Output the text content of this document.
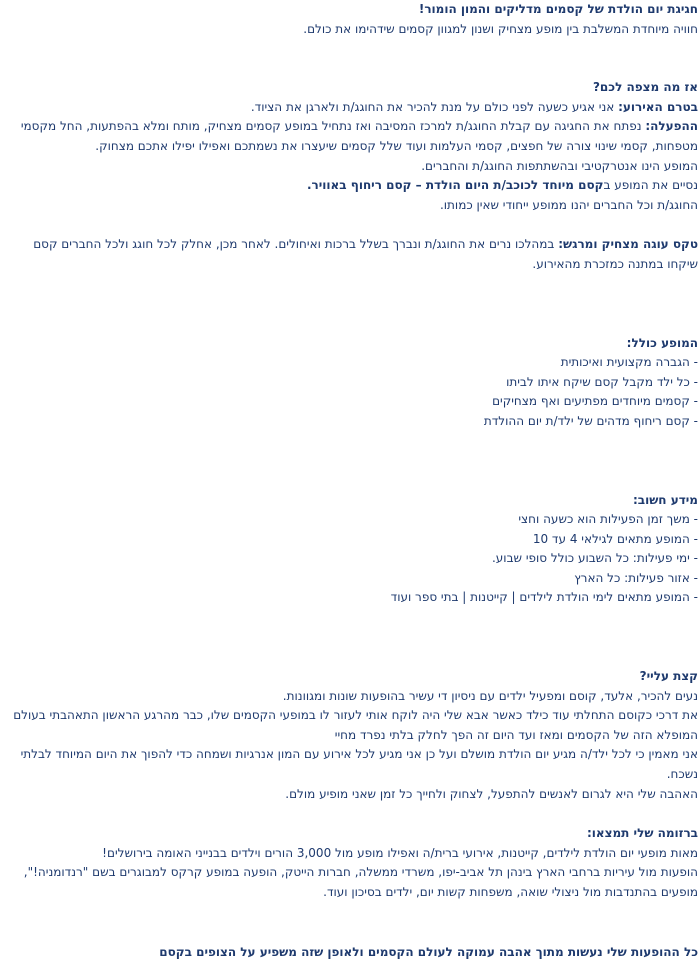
חגיגת יום הולדת של קסמים מדליקים והמון הומור!

חוויה מיוחדת המשלבת בין מופע מצחיק ושנון למגוון קסמים שידהימו את כולם.

אז מה מצפה לכם?

בטרם האירוע: אני אגיע כשעה לפני כולם על מנת להכיר את החוגג/ת ולארגן את הציוד.

ההפעלה: נפתח את החגיגה עם קבלת החוגג/ת למרכז המסיבה ואז נתחיל במופע קסמים מצחיק, מותח ומלא בהפתעות, החל מקסמי מטפחות, קסמי שינוי צורה של חפצים, קסמי העלמות ועוד שלל קסמים שיעצרו את נשמתכם ואפילו יפילו אתכם מצחוק.

המופע הינו אנטרקטיבי ובהשתתפות החוגג/ת והחברים.

נסיים את המופע בקסם מיוחד לכוכב/ת היום הולדת – קסם ריחוף באוויר.

החוגג/ת וכל החברים יהנו ממופע ייחודי שאין כמותו.

טקס עוגה מצחיק ומרגש: במהלכו נרים את החוגג/ת ונברך בשלל ברכות ואיחולים. לאחר מכן, אחלק לכל חוגג ולכל החברים קסם שיקחו במתנה כמזכרת מהאירוע.

המופע כולל:

- הגברה מקצועית ואיכותית

- כל ילד מקבל קסם שיקח איתו לביתו

- קסמים מיוחדים מפתיעים ואף מצחיקים

- קסם ריחוף מדהים של ילד/ת יום ההולדת

מידע חשוב:

- משך זמן הפעילות הוא כשעה וחצי

- המופע מתאים לגילאי 4 עד 10

- ימי פעילות: כל השבוע כולל סופי שבוע.

- אזור פעילות: כל הארץ

- המופע מתאים לימי הולדת לילדים | קייטנות | בתי ספר ועוד

קצת עליי?

נעים להכיר, אלעד, קוסם ומפעיל ילדים עם ניסיון די עשיר בהופעות שונות ומגוונות.

את דרכי כקוסם התחלתי עוד כילד כאשר אבא שלי היה לוקח אותי לעזור לו במופעי הקסמים שלו, כבר מהרגע הראשון התאהבתי בעולם המופלא הזה של הקסמים ומאז ועד היום זה הפך לחלק בלתי נפרד מחיי

אני מאמין כי לכל ילד/ה מגיע יום הולדת מושלם ועל כן אני מגיע לכל אירוע עם המון אנרגיות ושמחה כדי להפוך את היום המיוחד לבלתי נשכח.

האהבה שלי היא לגרום לאנשים להתפעל, לצחוק ולחייך כל זמן שאני מופיע מולם.

ברזומה שלי תמצאו:

מאות מופעי יום הולדת לילדים, קייטנות, אירועי ברית/ה ואפילו מופע מול 3,000 הורים וילדים בבנייני האומה בירושלים!

הופעות מול עיריות ברחבי הארץ בינהן תל אביב-יפו, משרדי ממשלה, חברות הייטק, הופעה במופע קרקס למבוגרים בשם "רנדומניה!", מופעים בהתנדבות מול ניצולי שואה, משפחות קשות יום, ילדים בסיכון ועוד.

כל ההופעות שלי נעשות מתוך אהבה עמוקה לעולם הקסמים ולאופן שזה משפיע על הצופים בקסם
